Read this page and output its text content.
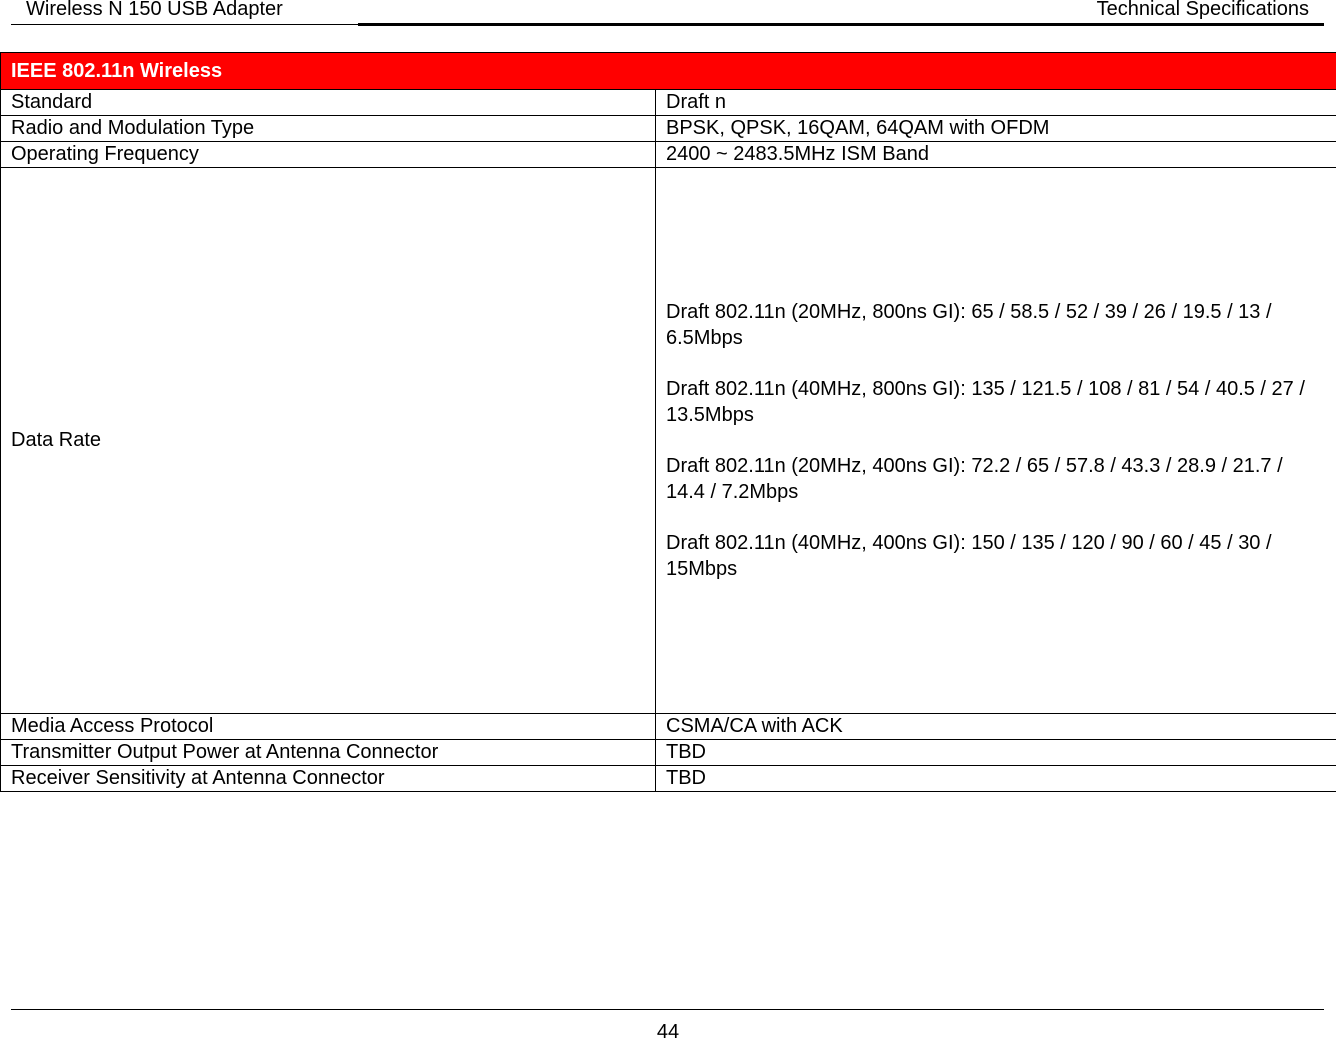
Wireless N 150 USB Adapter	Technical Specifications
IEEE 802.11n Wireless	
Standard	Draft n
Radio and Modulation Type	BPSK, QPSK, 16QAM, 64QAM with OFDM
Operating Frequency	2400 ~ 2483.5MHz ISM Band
Data Rate	Draft 802.11n (20MHz, 800ns GI): 65 / 58.5 / 52 / 39 / 26 / 19.5 / 13 / 6.5Mbps

Draft 802.11n (40MHz, 800ns GI): 135 / 121.5 / 108 / 81 / 54 / 40.5 / 27 / 13.5Mbps

Draft 802.11n (20MHz, 400ns GI): 72.2 / 65 / 57.8 / 43.3 / 28.9 / 21.7 / 14.4 / 7.2Mbps

Draft 802.11n (40MHz, 400ns GI): 150 / 135 / 120 / 90 / 60 / 45 / 30 / 15Mbps

Media Access Protocol	CSMA/CA with ACK
Transmitter Output Power at Antenna Connector	TBD
Receiver Sensitivity at Antenna Connector	TBD
44
